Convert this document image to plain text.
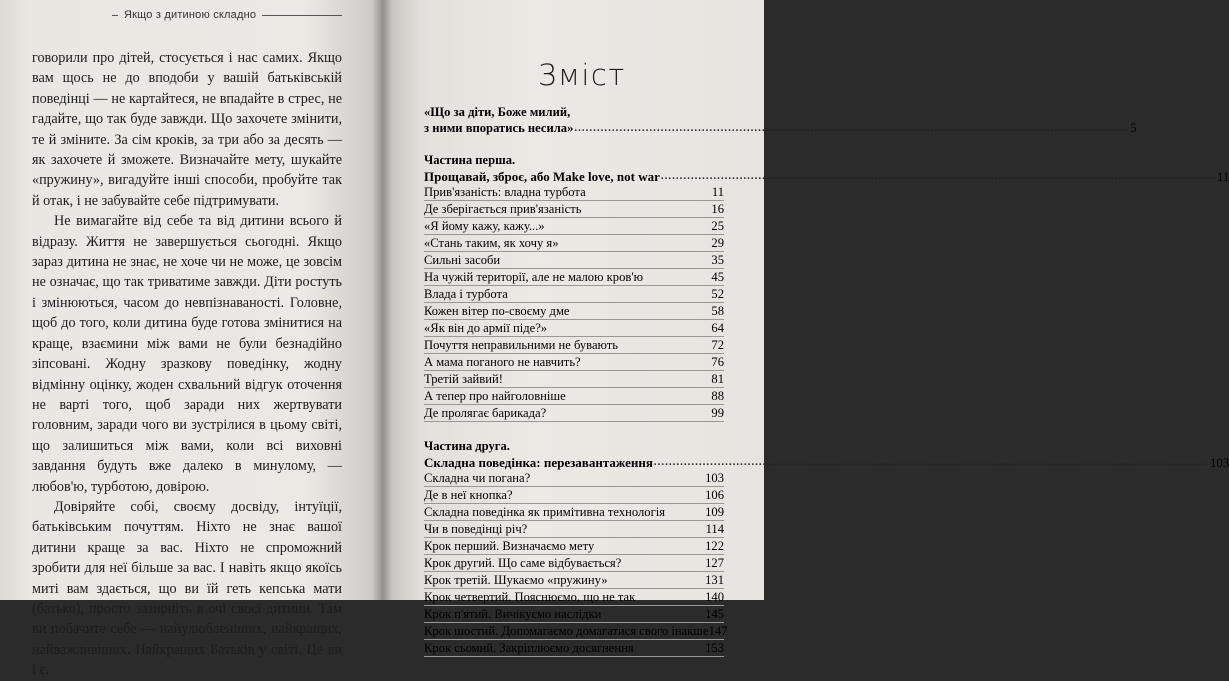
Якщо з дитиною складно

говорили про дітей, стосується і нас самих. Якщо вам щось не до вподоби у вашій батьківській поведінці — не картайтеся, не впадайте в стрес, не гадайте, що так буде завжди. Що захочете змінити, те й зміните. За сім кроків, за три або за десять — як захочете й зможете. Визначайте мету, шукайте «пружину», вигадуйте інші способи, пробуйте так й отак, і не забувайте себе підтримувати.

Не вимагайте від себе та від дитини всього й відразу. Життя не завершується сьогодні. Якщо зараз дитина не знає, не хоче чи не може, це зовсім не означає, що так триватиме завжди. Діти ростуть і змінюються, часом до невпізнаваності. Головне, щоб до того, коли дитина буде готова змінитися на краще, взаємини між вами не були безнадійно зіпсовані. Жодну зразкову поведінку, жодну відмінну оцінку, жоден схвальний відгук оточення не варті того, щоб заради них жертвувати головним, заради чого ви зустрілися в цьому світі, що залишиться між вами, коли всі виховні завдання будуть вже далеко в минулому, — любов'ю, турботою, довірою.

Довіряйте собі, своєму досвіду, інтуїції, батьківським почуттям. Ніхто не знає вашої дитини краще за вас. Ніхто не спроможний зробити для неї більше за вас. І навіть якщо якоїсь миті вам здається, що ви їй геть кепська мати (батько), просто зазирніть в очі своєї дитини. Там ви побачите себе — найулюбленіших, найкращих, найважливіших. Найкращих Батьків у світі. Це ви і є.

Зміст
«Що за діти, Боже милий,
з ними впоратись несила» .....	5
Частина перша.
Прощавай, зброє, або Make love, not war .....	11
Прив'язаність: владна турбота	11
Де зберігається прив'язаність	16
«Я йому кажу, кажу...»	25
«Стань таким, як хочу я»	29
Сильні засоби	35
На чужій території, але не малою кров'ю	45
Влада і турбота	52
Кожен вітер по-своєму дме	58
«Як він до армії піде?»	64
Почуття неправильними не бувають	72
А мама поганого не навчить?	76
Третій зайвий!	81
А тепер про найголовніше	88
Де пролягає барикада?	99
Частина друга.
Складна поведінка: перезавантаження .....	103
Складна чи погана?	103
Де в неї кнопка?	106
Складна поведінка як примітивна технологія	109
Чи в поведінці річ?	114
Крок перший. Визначаємо мету	122
Крок другий. Що саме відбувається?	127
Крок третій. Шукаємо «пружину»	131
Крок четвертий. Пояснюємо, що не так	140
Крок п'ятий. Вичікуємо наслідки	145
Крок шостий. Допомагаємо домагатися свого інакше 147
Крок сьомий. Закріплюємо досягнення	153
